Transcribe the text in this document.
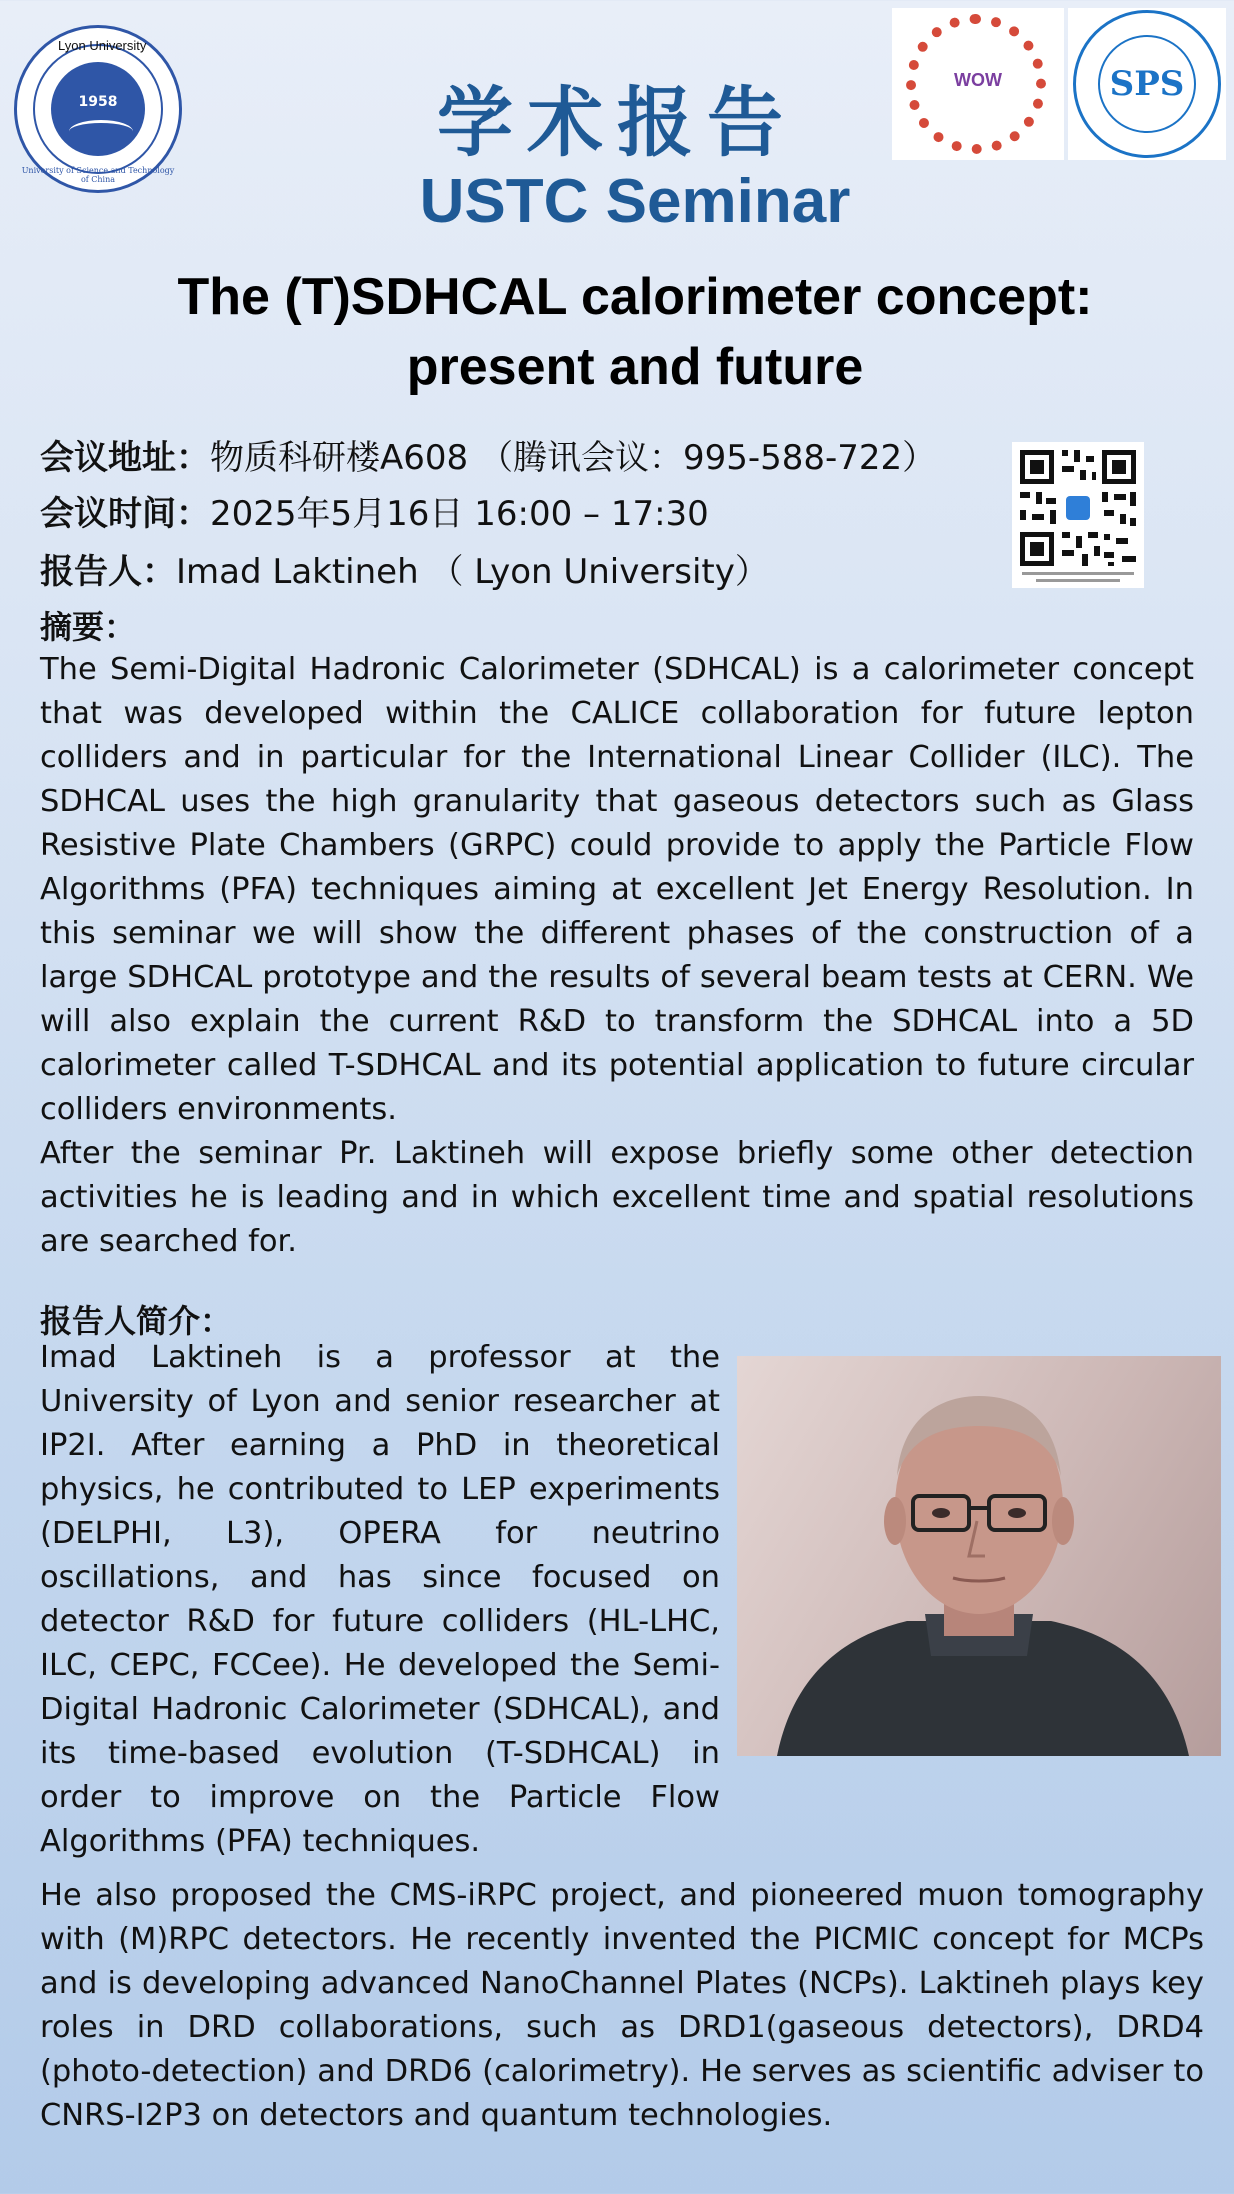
1958
University of Science and Technology of China
Lyon University
WOW	SPS
学术报告
USTC Seminar
The (T)SDHCAL calorimeter concept:
present and future
会议地址：物质科研楼A608 （腾讯会议：995-588-722）
会议时间：2025年5月16日 16:00 – 17:30
报告人：Imad Laktineh （ Lyon University）
摘要：

The Semi-Digital Hadronic Calorimeter (SDHCAL) is a calorimeter concept that was developed within the CALICE collaboration for future lepton colliders and in particular for the International Linear Collider (ILC). The SDHCAL uses the high granularity that gaseous detectors such as Glass Resistive Plate Chambers (GRPC) could provide to apply the Particle Flow Algorithms (PFA) techniques aiming at excellent Jet Energy Resolution. In this seminar we will show the different phases of the construction of a large SDHCAL prototype and the results of several beam tests at CERN. We will also explain the current R&D to transform the SDHCAL into a 5D calorimeter called T-SDHCAL and its potential application to future circular colliders environments.

After the seminar Pr. Laktineh will expose briefly some other detection activities he is leading and in which excellent time and spatial resolutions are searched for.

报告人简介：
Imad Laktineh is a professor at the University of Lyon and senior researcher at IP2I. After earning a PhD in theoretical physics, he contributed to LEP experiments (DELPHI, L3), OPERA for neutrino oscillations, and has since focused on detector R&D for future colliders (HL-LHC, ILC, CEPC, FCCee). He developed the Semi-Digital Hadronic Calorimeter (SDHCAL), and its time-based evolution (T-SDHCAL) in order to improve on the Particle Flow Algorithms (PFA) techniques.
He also proposed the CMS-iRPC project, and pioneered muon tomography with (M)RPC detectors. He recently invented the PICMIC concept for MCPs and is developing advanced NanoChannel Plates (NCPs). Laktineh plays key roles in DRD collaborations, such as DRD1(gaseous detectors), DRD4 (photo-detection) and DRD6 (calorimetry). He serves as scientific adviser to CNRS-I2P3 on detectors and quantum technologies.
